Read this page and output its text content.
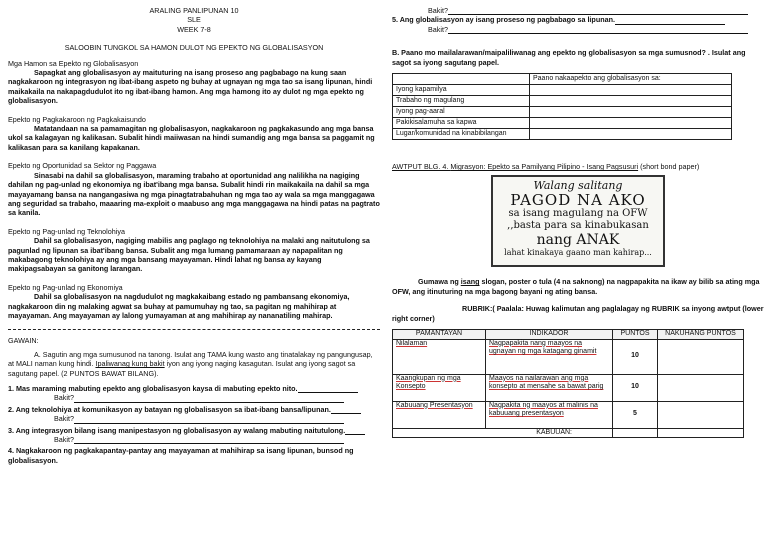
ARALING PANLIPUNAN 10
SLE
WEEK 7-8
SALOOBIN TUNGKOL SA HAMON DULOT NG EPEKTO NG GLOBALISASYON

Mga Hamon sa Epekto ng Globalisasyon

Sapagkat ang globalisasyon ay maituturing na isang proseso ang pagbabago na kung saan nagkakaroon ng integrasyon ng ibat-ibang aspeto ng buhay at ugnayan ng mga tao sa isang lipunan, hindi maikakaila na nakapagdudulot ito ng ibat-ibang hamon. Ang mga hamong ito ay dulot ng mga epekto ng globalisasyon.

Epekto ng Pagkakaroon ng Pagkakaisundo

Matatandaan na sa pamamagitan ng globalisasyon, nagkakaroon ng pagkakasundo ang mga bansa ukol sa kalagayan ng kalikasan. Subalit hindi maiiwasan na hindi sumandig ang mga bansa sa paggamit ng kalikasan para sa kanilang kapakanan.

Epekto ng Oportunidad sa Sektor ng Paggawa

Sinasabi na dahil sa globalisasyon, maraming trabaho at oportunidad ang nalilikha na nagiging dahilan ng pag-unlad ng ekonomiya ng ibat'ibang mga bansa. Subalit hindi rin maikakaila na dahil sa mga mayayamang bansa na nangangasiwa ng mga pinagtatrabahuhan ng mga tao ay wala sa mga manggagawa ang seguridad sa trabaho, maaaring ma-exploit o maabuso ang mga manggagawa na hindi patas na pagtrato sa kanila.

Epekto ng Pag-unlad ng Teknolohiya

Dahil sa globalisasyon, nagiging mabilis ang paglago ng teknolohiya na malaki ang naitutulong sa pagunlad ng lipunan sa ibat'ibang bansa. Subalit ang mga lumang pamamaraan ay napapalitan ng makabagong teknolohiya ay ang mga bansang mayayaman. Hindi lahat ng bansa ay kayang makipagsabayan sa ganitong larangan.

Epekto ng Pag-unlad ng Ekonomiya

Dahil sa globalisasyon na nagdudulot ng magkakaibang estado ng pambansang ekonomiya, nagkakaroon din ng malaking agwat sa buhay at pamumuhay ng tao, sa pagitan ng mahihirap at mayayaman. Ang mayayaman ay lalong yumayaman at ang mahihirap ay nananatiling mahirap.

GAWAIN:

A. Sagutin ang mga sumusunod na tanong. Isulat ang TAMA kung wasto ang tinatalakay ng pangungusap, at MALI naman kung hindi. Ipaliwanag kung bakit iyon ang iyong naging kasagutan. Isulat ang iyong sagot sa sagutang papel. (2 PUNTOS BAWAT BILANG).

1. Mas maraming mabuting epekto ang globalisasyon kaysa di mabuting epekto nito.
Bakit?
2. Ang teknolohiya at komunikasyon ay batayan ng globalisasyon sa ibat-ibang bansa/lipunan.
Bakit?
3. Ang integrasyon bilang isang manipestasyon ng globalisasyon ay walang mabuting naitutulong.
Bakit?
4. Nagkakaroon ng pagkakapantay-pantay ang mayayaman at mahihirap sa isang lipunan, bunsod ng globalisasyon.
Bakit?
5. Ang globalisasyon ay isang proseso ng pagbabago sa lipunan.
Bakit?

B. Paano mo mailalarawan/maipaliliwanag ang epekto ng globalisasyon sa mga sumusnod? . Isulat ang sagot sa iyong sagutang papel.

	Paano nakaapekto ang globalisasyon sa:
Iyong kapamilya	
Trabaho ng magulang	
Iyong pag-aaral	
Pakikisalamuha sa kapwa	
Lugar/komunidad na kinabibilangan	

AWTPUT BLG. 4. Migrasyon: Epekto sa Pamilyang Pilipino - Isang Pagsusuri (short bond paper)

Walang salitang
PAGOD NA AKO
sa isang magulang na OFW
,,basta para sa kinabukasan
nang ANAK
lahat kinakaya gaano man kahirap...

Gumawa ng isang slogan, poster o tula (4 na saknong) na nagpapakita na ikaw ay bilib sa ating mga OFW, ang itinuturing na mga bagong bayani ng ating bansa.

RUBRIK:( Paalala: Huwag kalimutan ang paglalagay ng RUBRIK sa inyong awtput (lower right corner)

PAMANTAYAN	INDIKADOR	PUNTOS	NAKUHANG PUNTOS
Nilalaman	Nagpapakita nang maayos na ugnayan ng mga katagang ginamit	10	
Kaangkupan ng mga Konsepto	Maayos na nailarawan ang mga konsepto at mensahe sa bawat parig	10	
Kabuuang Presentasyon	Nagpakita ng maayos at malinis na kabuuang presentasyon	5	
KABUUAN:			
